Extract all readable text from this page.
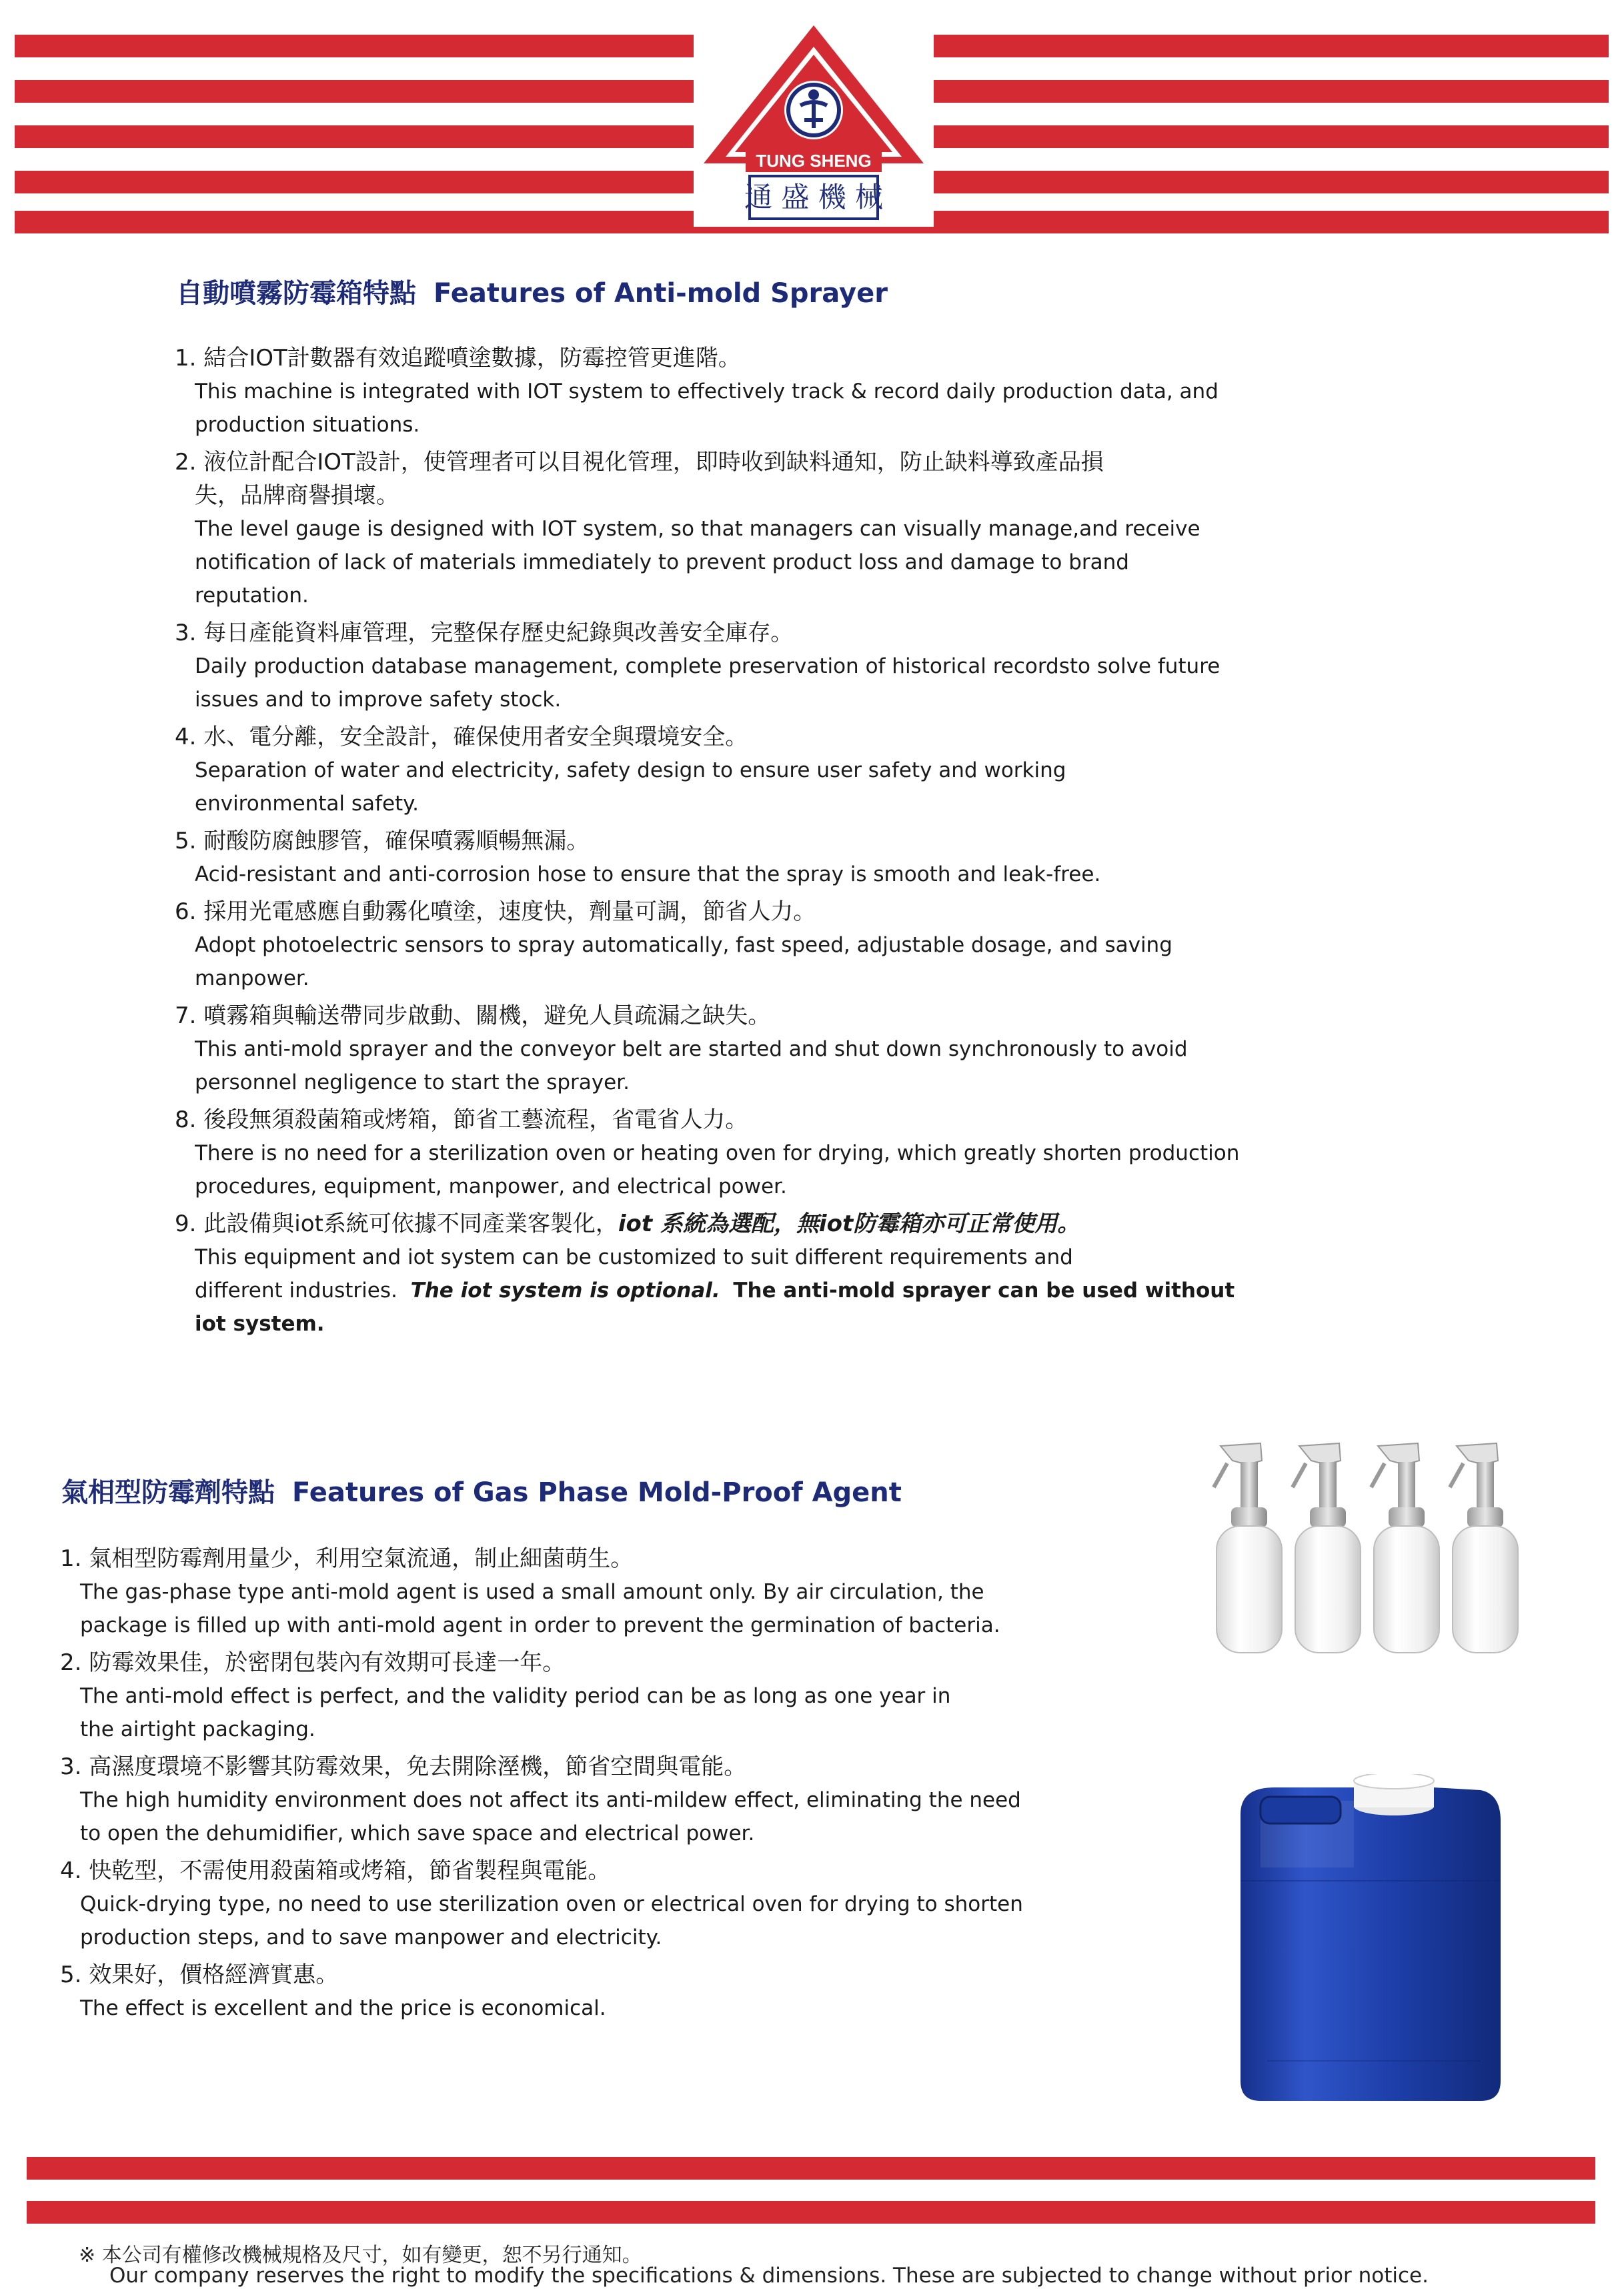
TUNG SHENG
通 盛 機 械
自動噴霧防霉箱特點 Features of Anti-mold Sprayer
1. 結合IOT計數器有效追蹤噴塗數據，防霉控管更進階。
This machine is integrated with IOT system to effectively track & record daily production data, and
production situations.
2. 液位計配合IOT設計，使管理者可以目視化管理，即時收到缺料通知，防止缺料導致產品損
失，品牌商譽損壞。
The level gauge is designed with IOT system, so that managers can visually manage,and receive
notification of lack of materials immediately to prevent product loss and damage to brand
reputation.
3. 每日產能資料庫管理，完整保存歷史紀錄與改善安全庫存。
Daily production database management, complete preservation of historical recordsto solve future
issues and to improve safety stock.
4. 水、電分離，安全設計，確保使用者安全與環境安全。
Separation of water and electricity, safety design to ensure user safety and working
environmental safety.
5. 耐酸防腐蝕膠管，確保噴霧順暢無漏。
Acid-resistant and anti-corrosion hose to ensure that the spray is smooth and leak-free.
6. 採用光電感應自動霧化噴塗，速度快，劑量可調，節省人力。
Adopt photoelectric sensors to spray automatically, fast speed, adjustable dosage, and saving
manpower.
7. 噴霧箱與輸送帶同步啟動、關機，避免人員疏漏之缺失。
This anti-mold sprayer and the conveyor belt are started and shut down synchronously to avoid
personnel negligence to start the sprayer.
8. 後段無須殺菌箱或烤箱，節省工藝流程，省電省人力。
There is no need for a sterilization oven or heating oven for drying, which greatly shorten production
procedures, equipment, manpower, and electrical power.
9. 此設備與iot系統可依據不同產業客製化，iot 系統為選配，無iot防霉箱亦可正常使用。
This equipment and iot system can be customized to suit different requirements and
different industries. The iot system is optional. The anti-mold sprayer can be used without
iot system.
氣相型防霉劑特點 Features of Gas Phase Mold-Proof Agent
1. 氣相型防霉劑用量少，利用空氣流通，制止細菌萌生。
The gas-phase type anti-mold agent is used a small amount only. By air circulation, the
package is filled up with anti-mold agent in order to prevent the germination of bacteria.
2. 防霉效果佳，於密閉包裝內有效期可長達一年。
The anti-mold effect is perfect, and the validity period can be as long as one year in
the airtight packaging.
3. 高濕度環境不影響其防霉效果，免去開除溼機，節省空間與電能。
The high humidity environment does not affect its anti-mildew effect, eliminating the need
to open the dehumidifier, which save space and electrical power.
4. 快乾型，不需使用殺菌箱或烤箱，節省製程與電能。
Quick-drying type, no need to use sterilization oven or electrical oven for drying to shorten
production steps, and to save manpower and electricity.
5. 效果好，價格經濟實惠。
The effect is excellent and the price is economical.
※ 本公司有權修改機械規格及尺寸，如有變更，恕不另行通知。
Our company reserves the right to modify the specifications & dimensions. These are subjected to change without prior notice.
